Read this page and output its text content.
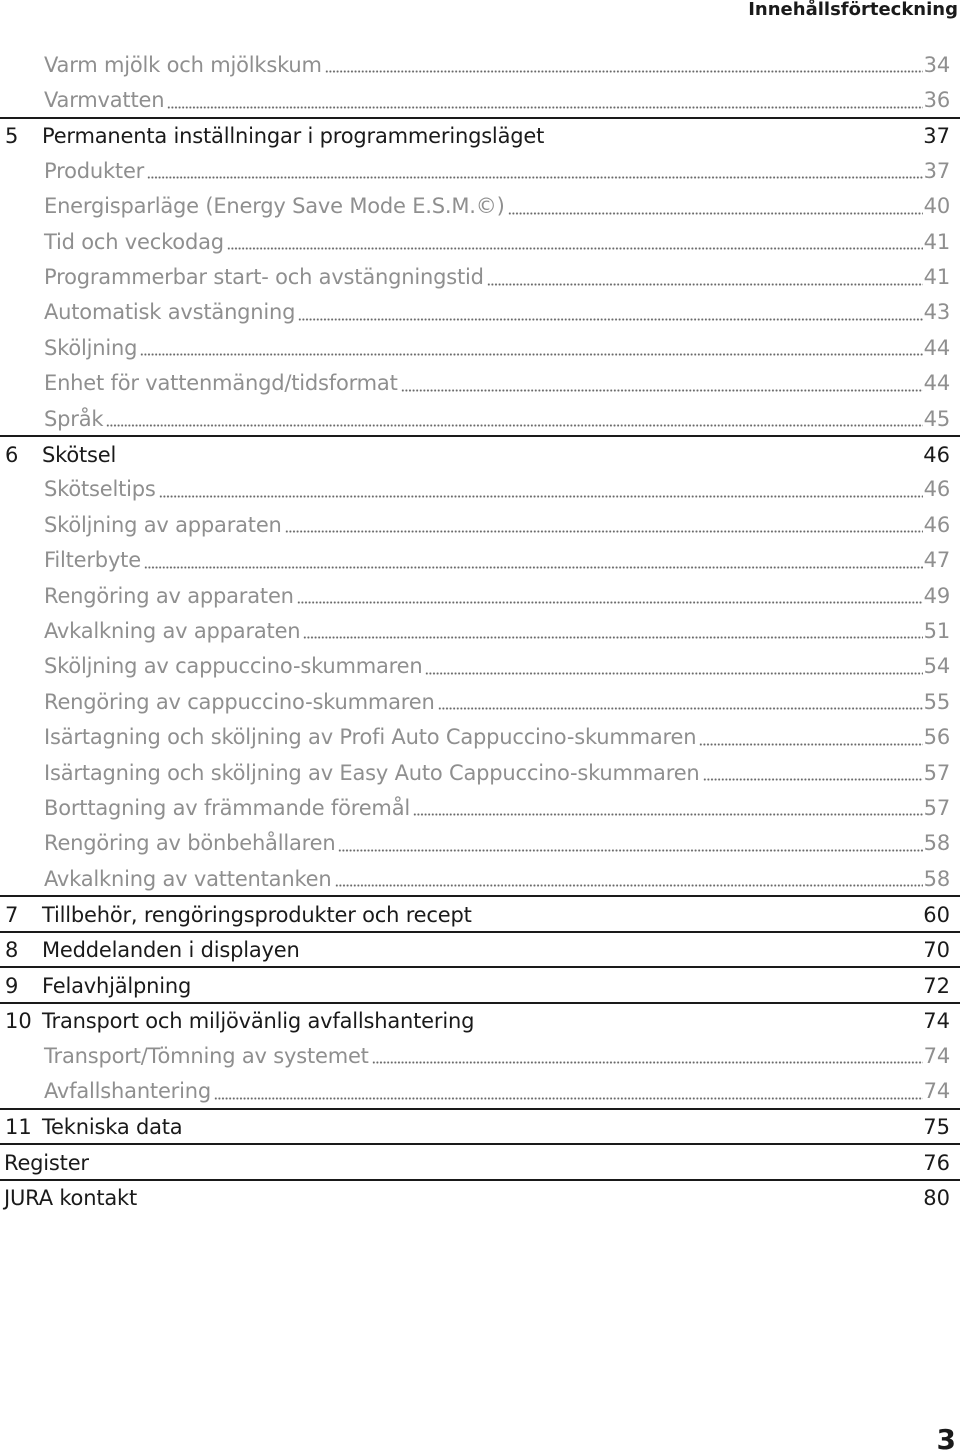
Innehållsförteckning
Varm mjölk och mjölkskum	34
Varmvatten	36
5	Permanenta inställningar i programmeringsläget	37
Produkter	37
Energisparläge (Energy Save Mode E.S.M.©)	40
Tid och veckodag	41
Programmerbar start- och avstängningstid	41
Automatisk avstängning	43
Sköljning	44
Enhet för vattenmängd/tidsformat	44
Språk	45
6	Skötsel	46
Skötseltips	46
Sköljning av apparaten	46
Filterbyte	47
Rengöring av apparaten	49
Avkalkning av apparaten	51
Sköljning av cappuccino-skummaren	54
Rengöring av cappuccino-skummaren	55
Isärtagning och sköljning av Profi Auto Cappuccino-skummaren	56
Isärtagning och sköljning av Easy Auto Cappuccino-skummaren	57
Borttagning av främmande föremål	57
Rengöring av bönbehållaren	58
Avkalkning av vattentanken	58
7	Tillbehör, rengöringsprodukter och recept	60
8	Meddelanden i displayen	70
9	Felavhjälpning	72
10 Transport och miljövänlig avfallshantering	74
Transport/Tömning av systemet	74
Avfallshantering	74
11 Tekniska data	75
Register	76
JURA kontakt	80
3
